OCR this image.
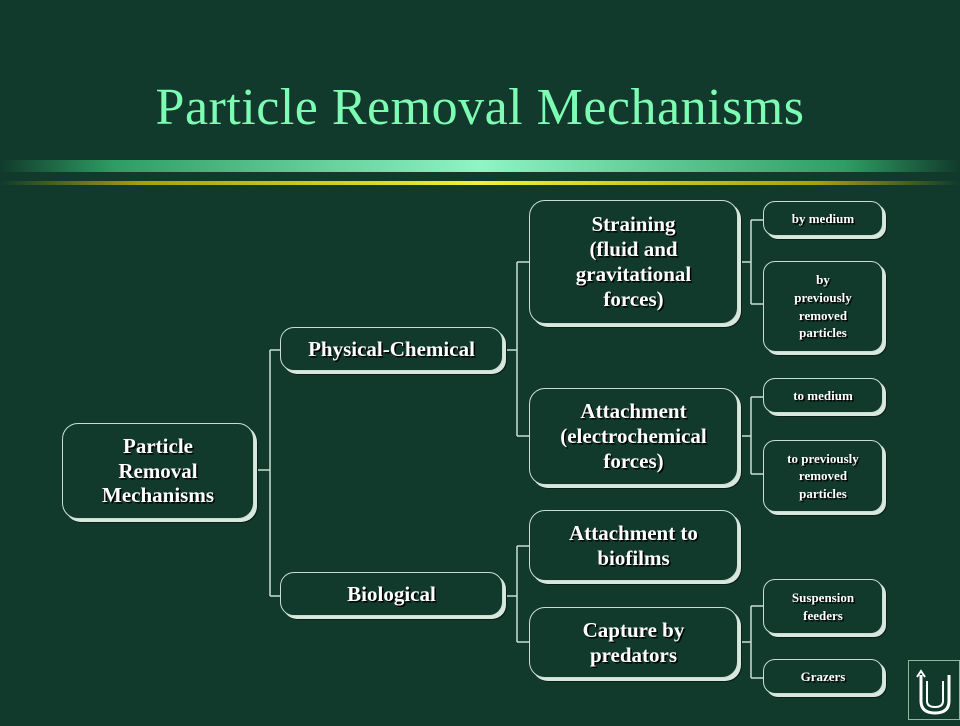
Particle Removal Mechanisms
Particle
Removal
Mechanisms
Physical-Chemical
Biological
Straining
(fluid and
gravitational
forces)
Attachment
(electrochemical
forces)
Attachment to
biofilms
Capture by
predators
by medium
by
previously
removed
particles
to medium
to previously
removed
particles
Suspension
feeders
Grazers
